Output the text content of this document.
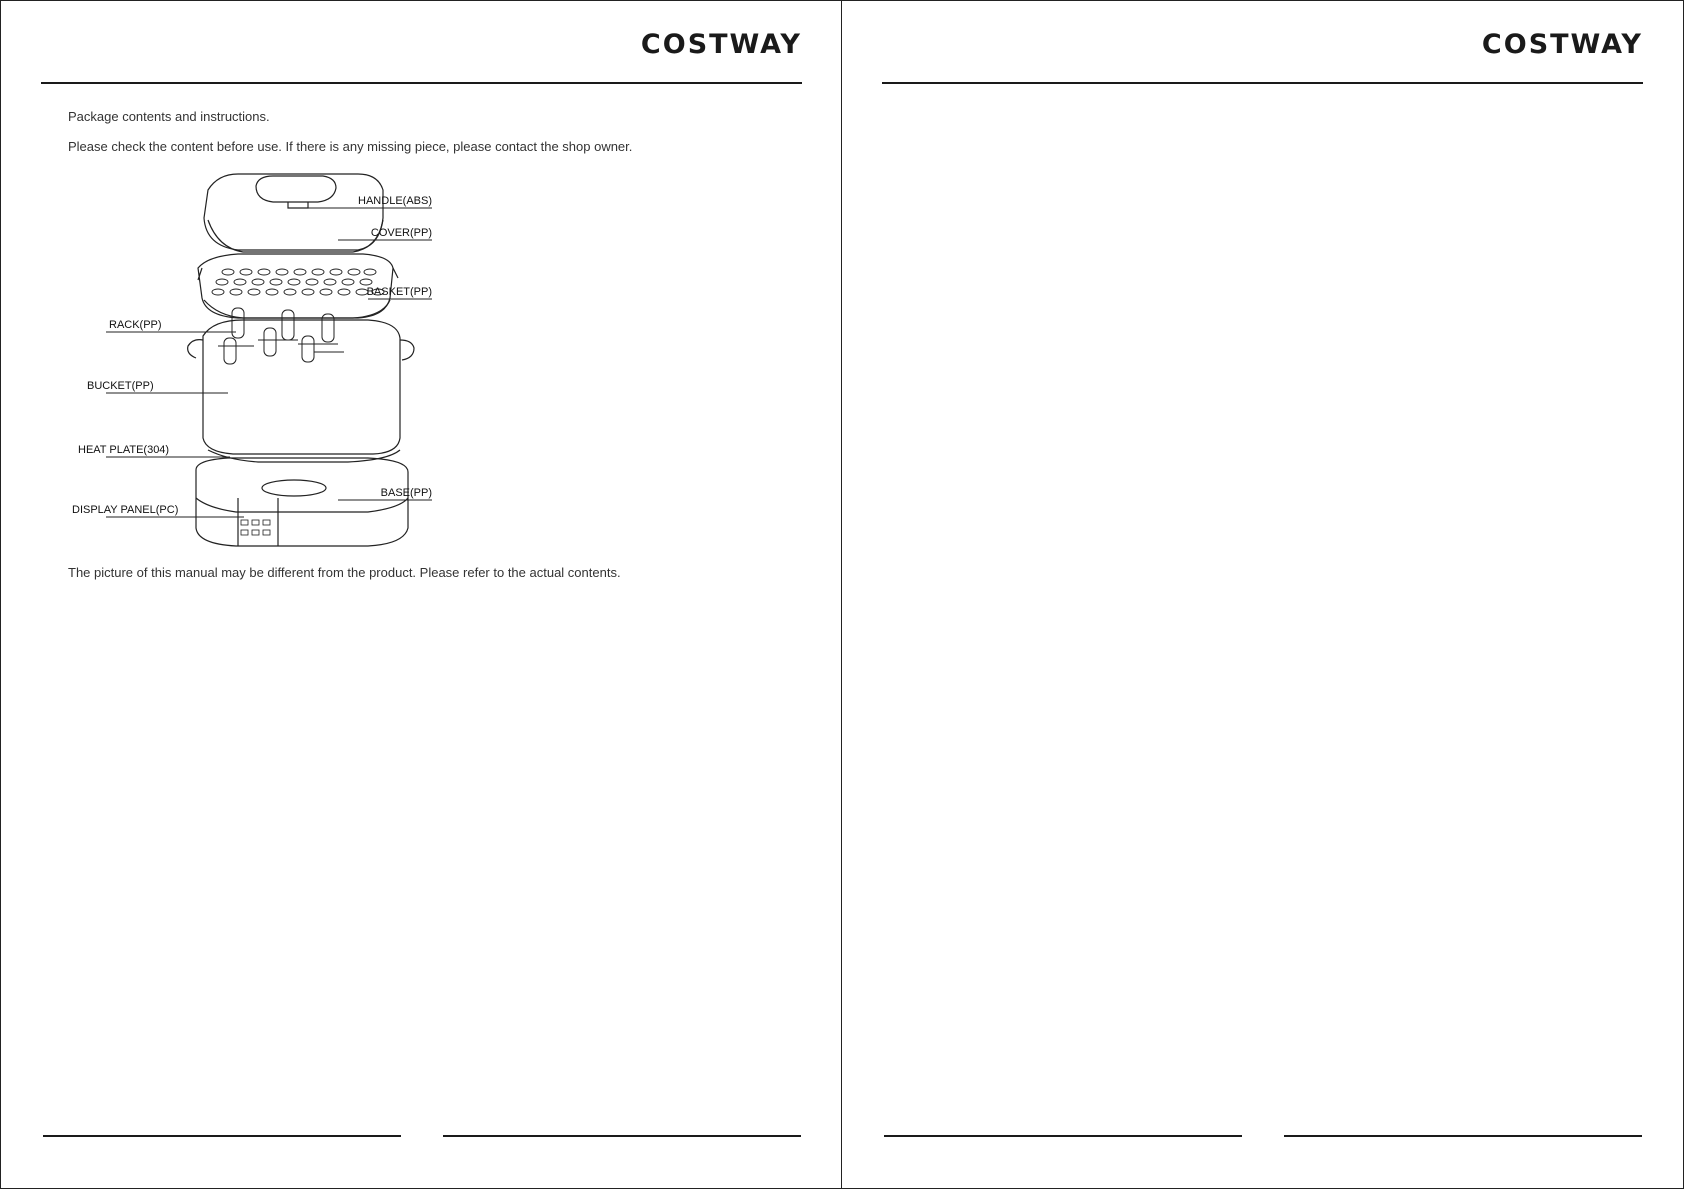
COSTWAY
Package contents and instructions.
Please check the content before use. If there is any missing piece, please contact the shop owner.
HANDLE(ABS)
COVER(PP)
BASKET(PP)
RACK(PP)
BUCKET(PP)
HEAT PLATE(304)
BASE(PP)
DISPLAY PANEL(PC)
The picture of this manual may be different from the product. Please refer to the actual contents.
COSTWAY
